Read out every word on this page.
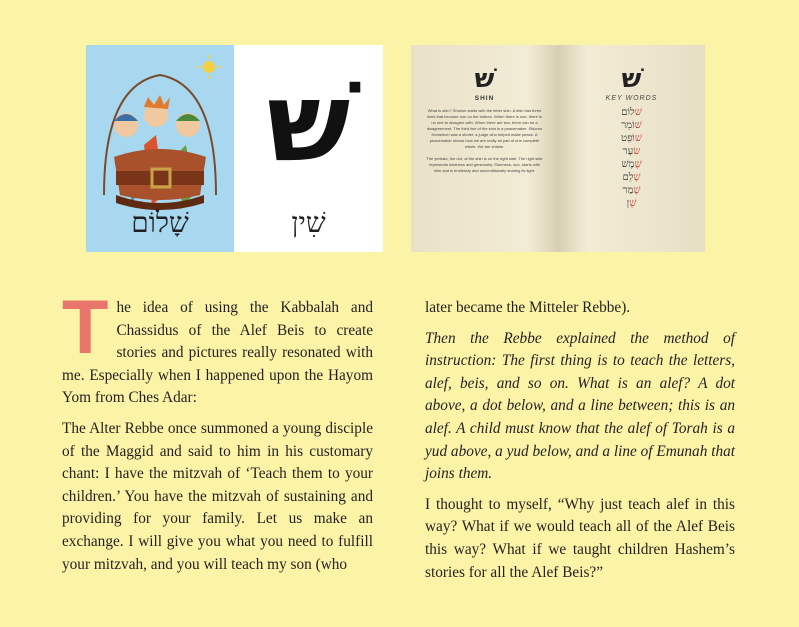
שָׁלוֹם
שׁ
שִׁין
שׁ
SHIN
What is shin? Sholom starts with the letter shin. A shin has three lines that become one on the bottom. When there is one, there is no one to disagree with. When there are two, there can be a disagreement. The third line of the shin is a peacemaker. Shlomo Homelech was a shofet, a judge who helped make peace. A peacemaker shows how we are really all part of one complete whole. We are shlaim.
The yerhala, the dot, of the shin is on the right side. The right side represents kindness and generosity. Shemesh, sun, starts with shin and is endlessly and unconditionally sharing its light.
שׁ
KEY WORDS
שׁלוֹם
שׁוֹמֵר
שׁוֹפֵט
שׂעָר
שֶׁמֶשׁ
שָׁלֵם
שָׁמַר
שֵׁן

The idea of using the Kabbalah and Chassidus of the Alef Beis to create stories and pictures really resonated with me. Especially when I happened upon the Hayom Yom from Ches Adar:

The Alter Rebbe once summoned a young disciple of the Maggid and said to him in his customary chant: I have the mitzvah of ‘Teach them to your children.’ You have the mitzvah of sustaining and providing for your family. Let us make an exchange. I will give you what you need to fulfill your mitzvah, and you will teach my son (who

later became the Mitteler Rebbe).

Then the Rebbe explained the method of instruction: The first thing is to teach the letters, alef, beis, and so on. What is an alef? A dot above, a dot below, and a line between; this is an alef. A child must know that the alef of Torah is a yud above, a yud below, and a line of Emunah that joins them.

I thought to myself, “Why just teach alef in this way? What if we would teach all of the Alef Beis this way? What if we taught children Hashem’s stories for all the Alef Beis?”
